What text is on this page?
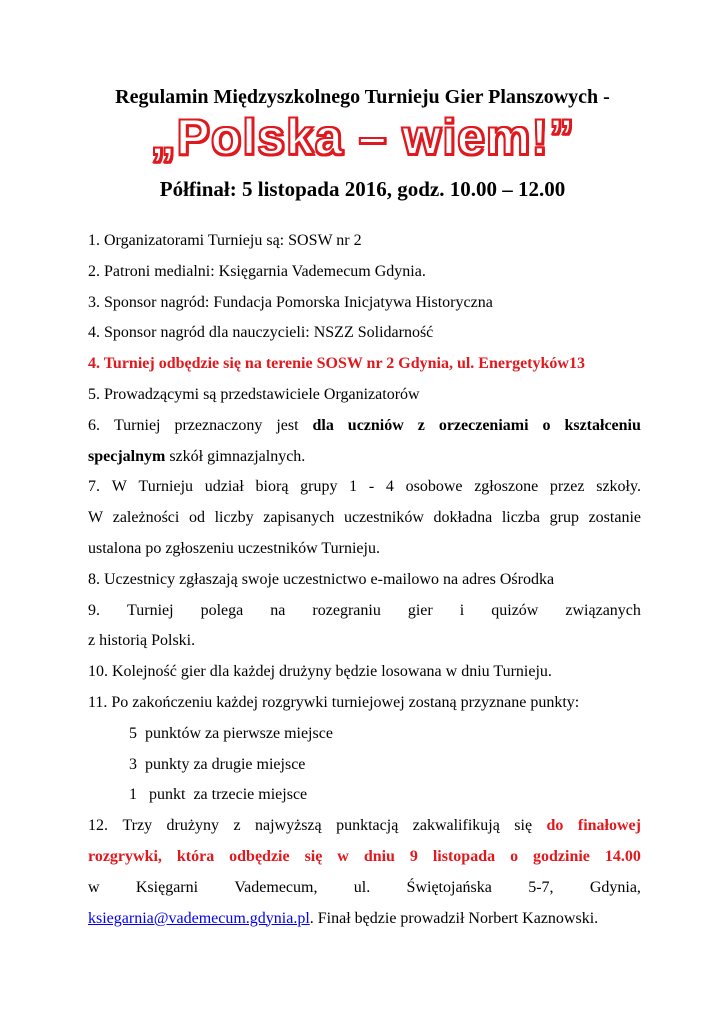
Regulamin Międzyszkolnego Turnieju Gier Planszowych -
„Polska – wiem!”
Półfinał: 5 listopada 2016, godz. 10.00 – 12.00
1. Organizatorami Turnieju są: SOSW nr 2
2. Patroni medialni: Księgarnia Vademecum Gdynia.
3. Sponsor nagród: Fundacja Pomorska Inicjatywa Historyczna
4. Sponsor nagród dla nauczycieli: NSZZ Solidarność
4. Turniej odbędzie się na terenie SOSW nr 2 Gdynia, ul. Energetyków13
5. Prowadzącymi są przedstawiciele Organizatorów
6. Turniej przeznaczony jest dla uczniów z orzeczeniami o kształceniu
specjalnym szkół gimnazjalnych.
7. W Turnieju udział biorą grupy 1 - 4 osobowe zgłoszone przez szkoły.
W zależności od liczby zapisanych uczestników dokładna liczba grup zostanie
ustalona po zgłoszeniu uczestników Turnieju.
8. Uczestnicy zgłaszają swoje uczestnictwo e-mailowo na adres Ośrodka
9. Turniej polega na rozegraniu gier i quizów związanych
z historią Polski.
10. Kolejność gier dla każdej drużyny będzie losowana w dniu Turnieju.
11. Po zakończeniu każdej rozgrywki turniejowej zostaną przyznane punkty:
5  punktów za pierwsze miejsce
3  punkty za drugie miejsce
1   punkt  za trzecie miejsce
12. Trzy drużyny z najwyższą punktacją zakwalifikują się do finałowej
rozgrywki, która odbędzie się w dniu 9 listopada o godzinie 14.00
w Księgarni Vademecum, ul. Świętojańska 5-7, Gdynia,
ksiegarnia@vademecum.gdynia.pl. Finał będzie prowadził Norbert Kaznowski.
